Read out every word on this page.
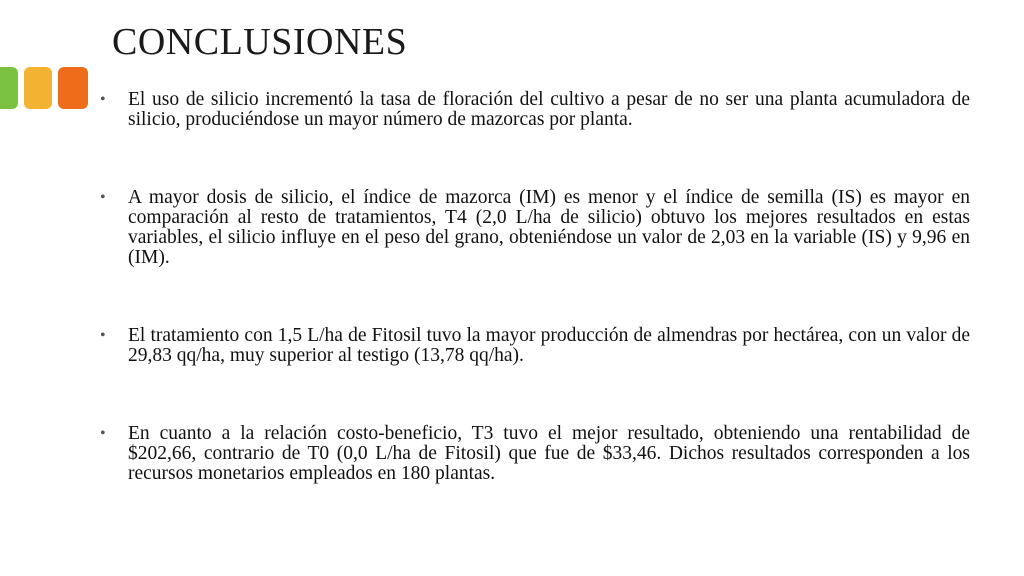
CONCLUSIONES
•	El uso de silicio incrementó la tasa de floración del cultivo a pesar de no ser una planta acumuladora de silicio, produciéndose un mayor número de mazorcas por planta.
•	A mayor dosis de silicio, el índice de mazorca (IM) es menor y el índice de semilla (IS) es mayor en comparación al resto de tratamientos, T4 (2,0 L/ha de silicio) obtuvo los mejores resultados en estas variables, el silicio influye en el peso del grano, obteniéndose un valor de 2,03 en la variable (IS) y 9,96 en (IM).
•	El tratamiento con 1,5 L/ha de Fitosil tuvo la mayor producción de almendras por hectárea, con un valor de 29,83 qq/ha, muy superior al testigo (13,78 qq/ha).
•	En cuanto a la relación costo-beneficio, T3 tuvo el mejor resultado, obteniendo una rentabilidad de $202,66, contrario de T0 (0,0 L/ha de Fitosil) que fue de $33,46. Dichos resultados corresponden a los recursos monetarios empleados en 180 plantas.
